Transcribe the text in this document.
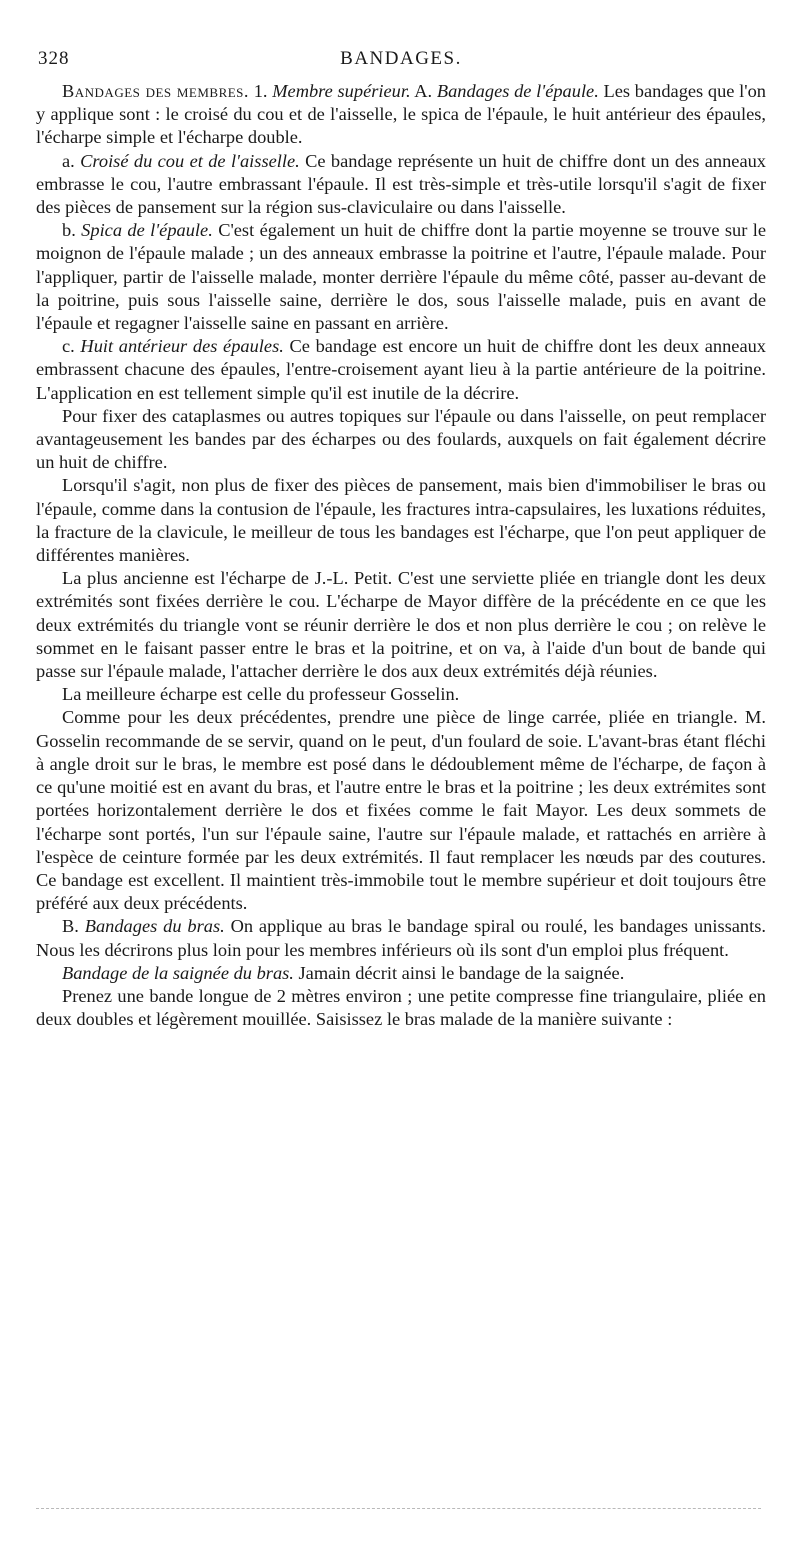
328	BANDAGES.

Bandages des membres. 1. Membre supérieur. A. Bandages de l'épaule. Les bandages que l'on y applique sont : le croisé du cou et de l'aisselle, le spica de l'épaule, le huit antérieur des épaules, l'écharpe simple et l'écharpe double.

a. Croisé du cou et de l'aisselle. Ce bandage représente un huit de chiffre dont un des anneaux embrasse le cou, l'autre embrassant l'épaule. Il est très-simple et très-utile lorsqu'il s'agit de fixer des pièces de pansement sur la région sus-claviculaire ou dans l'aisselle.

b. Spica de l'épaule. C'est également un huit de chiffre dont la partie moyenne se trouve sur le moignon de l'épaule malade ; un des anneaux embrasse la poitrine et l'autre, l'épaule malade. Pour l'appliquer, partir de l'aisselle malade, monter derrière l'épaule du même côté, passer au-devant de la poitrine, puis sous l'aisselle saine, derrière le dos, sous l'aisselle malade, puis en avant de l'épaule et regagner l'aisselle saine en passant en arrière.

c. Huit antérieur des épaules. Ce bandage est encore un huit de chiffre dont les deux anneaux embrassent chacune des épaules, l'entre-croisement ayant lieu à la partie antérieure de la poitrine. L'application en est tellement simple qu'il est inutile de la décrire.

Pour fixer des cataplasmes ou autres topiques sur l'épaule ou dans l'aisselle, on peut remplacer avantageusement les bandes par des écharpes ou des foulards, auxquels on fait également décrire un huit de chiffre.

Lorsqu'il s'agit, non plus de fixer des pièces de pansement, mais bien d'immobiliser le bras ou l'épaule, comme dans la contusion de l'épaule, les fractures intra-capsulaires, les luxations réduites, la fracture de la clavicule, le meilleur de tous les bandages est l'écharpe, que l'on peut appliquer de différentes manières.

La plus ancienne est l'écharpe de J.-L. Petit. C'est une serviette pliée en triangle dont les deux extrémités sont fixées derrière le cou. L'écharpe de Mayor diffère de la précédente en ce que les deux extrémités du triangle vont se réunir derrière le dos et non plus derrière le cou ; on relève le sommet en le faisant passer entre le bras et la poitrine, et on va, à l'aide d'un bout de bande qui passe sur l'épaule malade, l'attacher derrière le dos aux deux extrémités déjà réunies.

La meilleure écharpe est celle du professeur Gosselin.

Comme pour les deux précédentes, prendre une pièce de linge carrée, pliée en triangle. M. Gosselin recommande de se servir, quand on le peut, d'un foulard de soie. L'avant-bras étant fléchi à angle droit sur le bras, le membre est posé dans le dédoublement même de l'écharpe, de façon à ce qu'une moitié est en avant du bras, et l'autre entre le bras et la poitrine ; les deux extrémites sont portées horizontalement derrière le dos et fixées comme le fait Mayor. Les deux sommets de l'écharpe sont portés, l'un sur l'épaule saine, l'autre sur l'épaule malade, et rattachés en arrière à l'espèce de ceinture formée par les deux extrémités. Il faut remplacer les nœuds par des coutures. Ce bandage est excellent. Il maintient très-immobile tout le membre supérieur et doit toujours être préféré aux deux précédents.

B. Bandages du bras. On applique au bras le bandage spiral ou roulé, les bandages unissants. Nous les décrirons plus loin pour les membres inférieurs où ils sont d'un emploi plus fréquent.

Bandage de la saignée du bras. Jamain décrit ainsi le bandage de la saignée.

Prenez une bande longue de 2 mètres environ ; une petite compresse fine triangulaire, pliée en deux doubles et légèrement mouillée. Saisissez le bras malade de la manière suivante :
